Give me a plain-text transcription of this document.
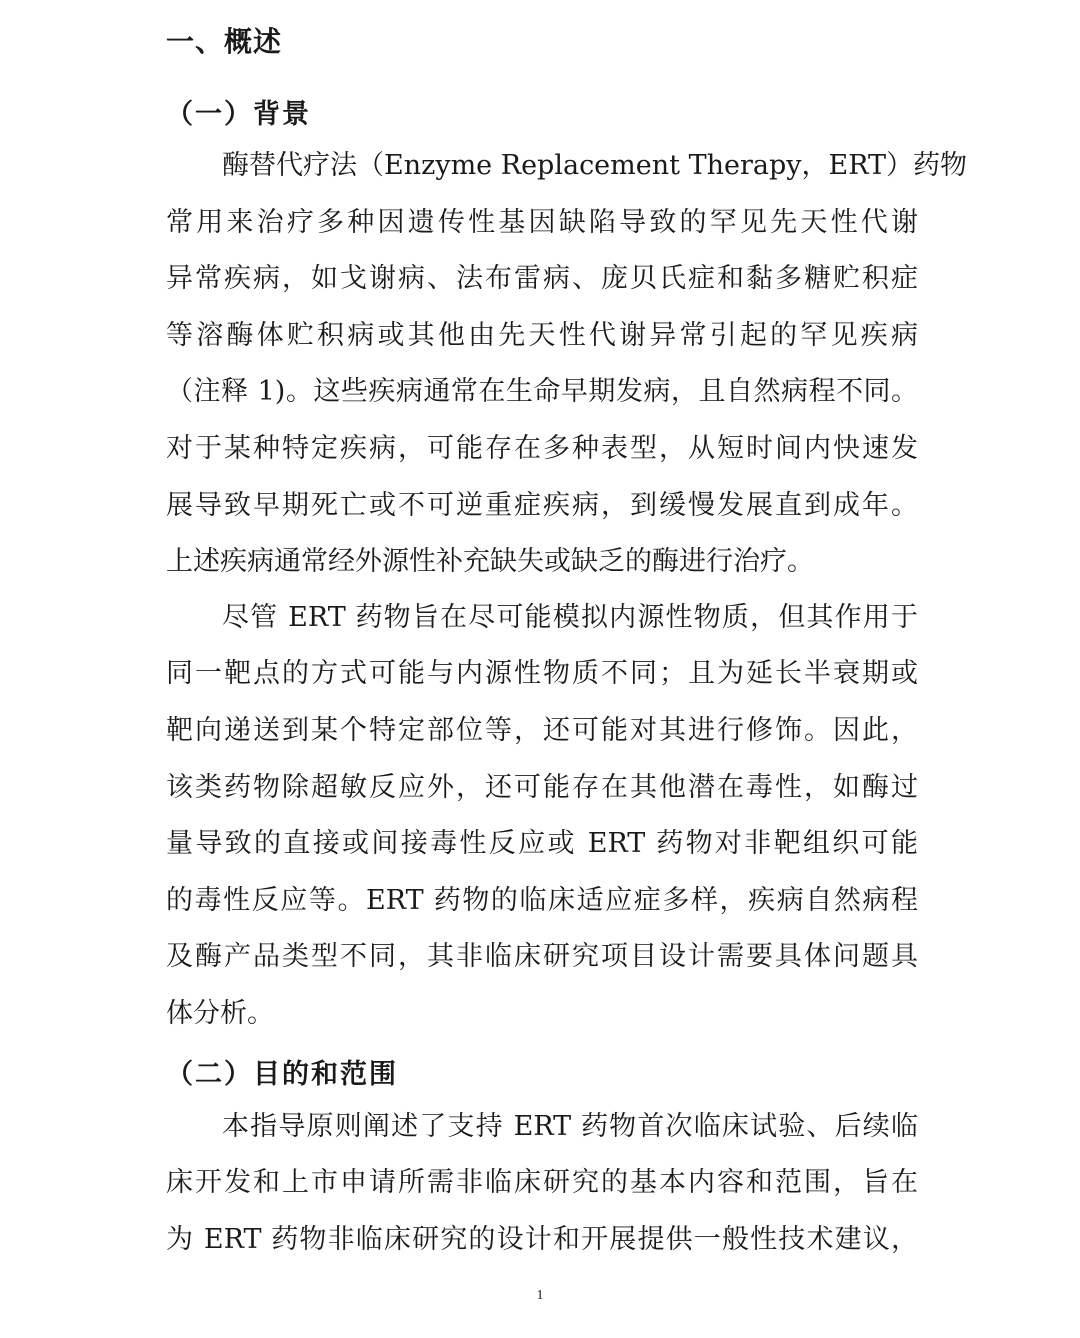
一、概述
（一）背景
酶替代疗法（Enzyme Replacement Therapy，ERT）药物
常用来治疗多种因遗传性基因缺陷导致的罕见先天性代谢
异常疾病，如戈谢病、法布雷病、庞贝氏症和黏多糖贮积症
等溶酶体贮积病或其他由先天性代谢异常引起的罕见疾病
（注释 1)。这些疾病通常在生命早期发病，且自然病程不同。
对于某种特定疾病，可能存在多种表型，从短时间内快速发
展导致早期死亡或不可逆重症疾病，到缓慢发展直到成年。
上述疾病通常经外源性补充缺失或缺乏的酶进行治疗。
尽管 ERT 药物旨在尽可能模拟内源性物质，但其作用于
同一靶点的方式可能与内源性物质不同；且为延长半衰期或
靶向递送到某个特定部位等，还可能对其进行修饰。因此，
该类药物除超敏反应外，还可能存在其他潜在毒性，如酶过
量导致的直接或间接毒性反应或 ERT 药物对非靶组织可能
的毒性反应等。ERT 药物的临床适应症多样，疾病自然病程
及酶产品类型不同，其非临床研究项目设计需要具体问题具
体分析。
（二）目的和范围
本指导原则阐述了支持 ERT 药物首次临床试验、后续临
床开发和上市申请所需非临床研究的基本内容和范围，旨在
为 ERT 药物非临床研究的设计和开展提供一般性技术建议，
1
